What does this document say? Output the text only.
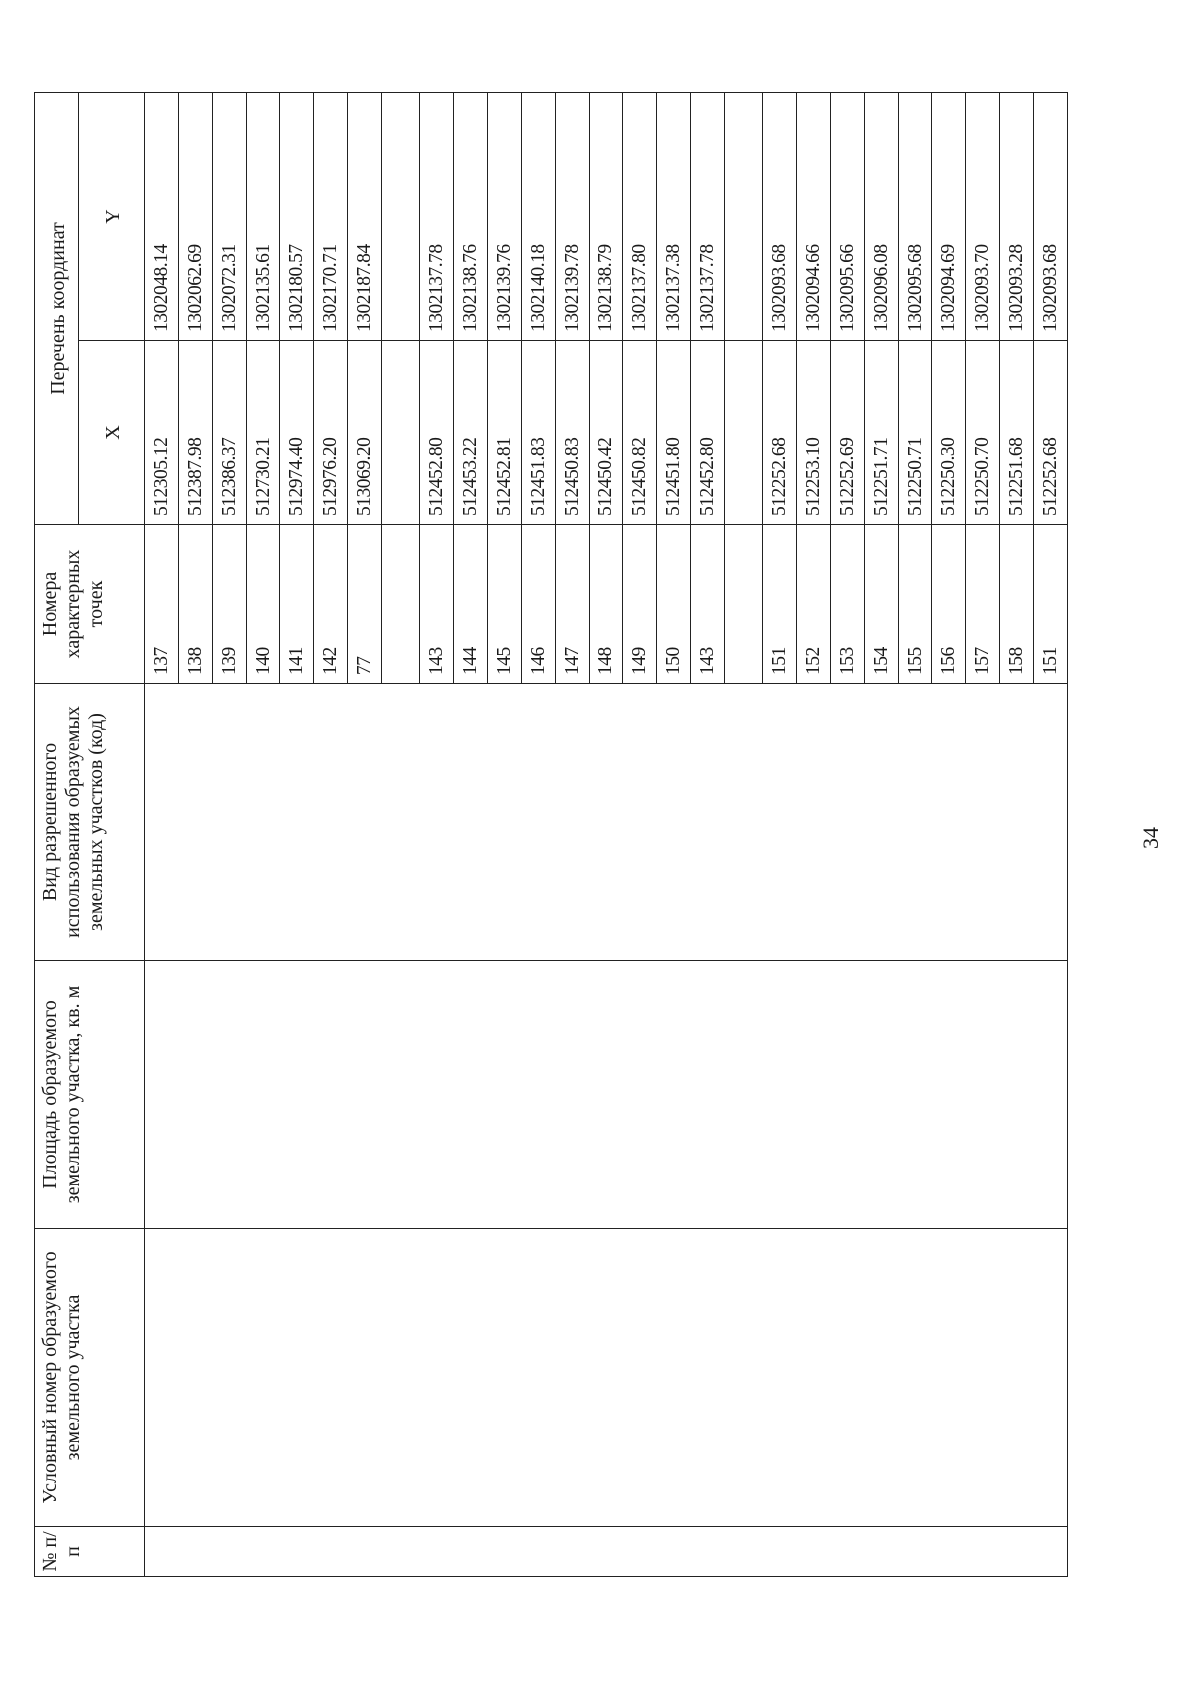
34
№ п/п	Условный номер образуемого земельного участка	Площадь образуемого земельного участка, кв. м	Вид разрешенного использования образуемых земельных участков (код)	Номера характерных точек	Перечень координат	
					X	Y
				137	512305.12	1302048.14
				138	512387.98	1302062.69
				139	512386.37	1302072.31
				140	512730.21	1302135.61
				141	512974.40	1302180.57
				142	512976.20	1302170.71
				77	513069.20	1302187.84

				143	512452.80	1302137.78
				144	512453.22	1302138.76
				145	512452.81	1302139.76
				146	512451.83	1302140.18
				147	512450.83	1302139.78
				148	512450.42	1302138.79
				149	512450.82	1302137.80
				150	512451.80	1302137.38
				143	512452.80	1302137.78

				151	512252.68	1302093.68
				152	512253.10	1302094.66
				153	512252.69	1302095.66
				154	512251.71	1302096.08
				155	512250.71	1302095.68
				156	512250.30	1302094.69
				157	512250.70	1302093.70
				158	512251.68	1302093.28
				151	512252.68	1302093.68
